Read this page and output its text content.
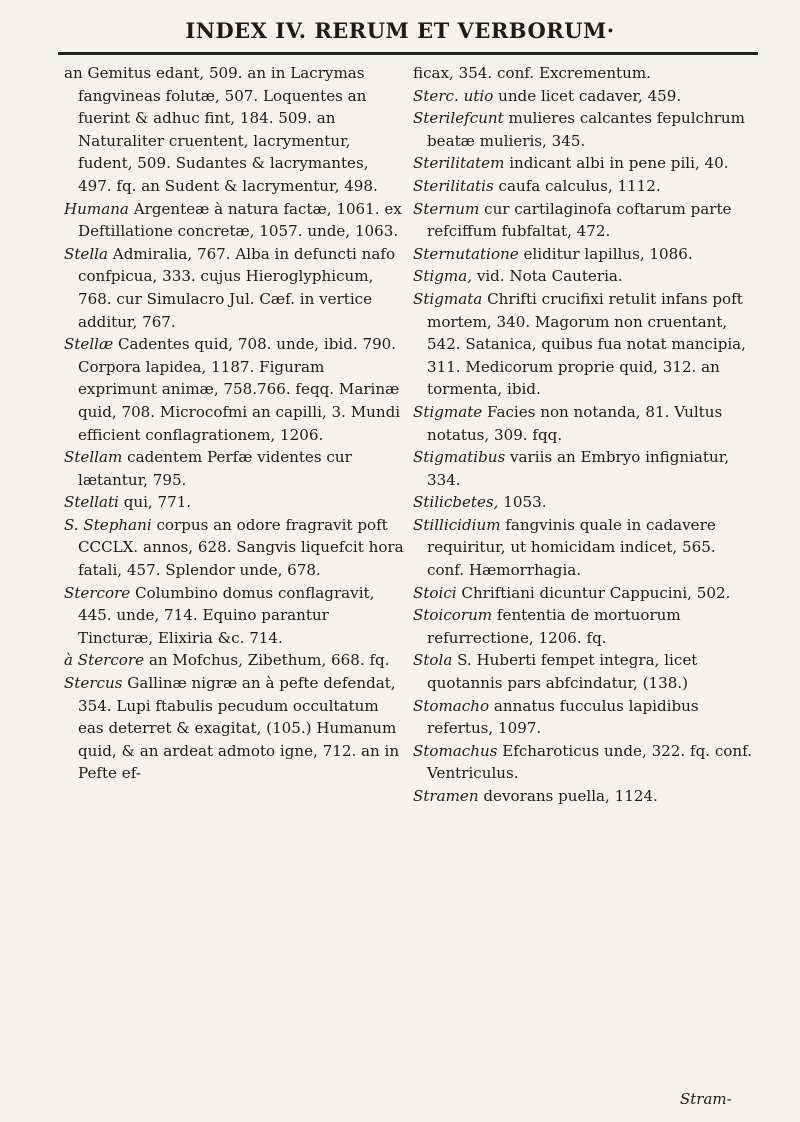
INDEX IV. RERUM ET VERBORUM·

an Gemitus edant, 509. an in Lacrymas fangvineas folutæ, 507. Loquentes an fuerint & adhuc fint, 184. 509. an Naturaliter cruentent, lacrymentur, fudent, 509. Sudantes & lacrymantes, 497. fq. an Sudent & lacrymentur, 498.

Humana Argenteæ à natura factæ, 1061. ex Deftillatione concretæ, 1057. unde, 1063.

Stella Admiralia, 767. Alba in defuncti nafo confpicua, 333. cujus Hieroglyphicum, 768. cur Simulacro Jul. Cæf. in vertice additur, 767.

Stellæ Cadentes quid, 708. unde, ibid. 790. Corpora lapidea, 1187. Figuram exprimunt animæ, 758.766. feqq. Marinæ quid, 708. Microcofmi an capilli, 3. Mundi efficient conflagrationem, 1206.

Stellam cadentem Perfæ videntes cur lætantur, 795.

Stellati qui, 771.

S. Stephani corpus an odore fragravit poft CCCLX. annos, 628. Sangvis liquefcit hora fatali, 457. Splendor unde, 678.

Stercore Columbino domus conflagravit, 445. unde, 714. Equino parantur Tincturæ, Elixiria &c. 714.

à Stercore an Mofchus, Zibethum, 668. fq.

Stercus Gallinæ nigræ an à pefte defendat, 354. Lupi ftabulis pecudum occultatum eas deterret & exagitat, (105.) Humanum quid, & an ardeat admoto igne, 712. an in Pefte ef-

ficax, 354. conf. Excrementum.

Sterc. utio unde licet cadaver, 459.

Sterilefcunt mulieres calcantes fepulchrum beatæ mulieris, 345.

Sterilitatem indicant albi in pene pili, 40.

Sterilitatis caufa calculus, 1112.

Sternum cur cartilaginofa coftarum parte refciffum fubfaltat, 472.

Sternutatione eliditur lapillus, 1086.

Stigma, vid. Nota Cauteria.

Stigmata Chrifti crucifixi retulit infans poft mortem, 340. Magorum non cruentant, 542. Satanica, quibus fua notat mancipia, 311. Medicorum proprie quid, 312. an tormenta, ibid.

Stigmate Facies non notanda, 81. Vultus notatus, 309. fqq.

Stigmatibus variis an Embryo infigniatur, 334.

Stilicbetes, 1053.

Stillicidium fangvinis quale in cadavere requiritur, ut homicidam indicet, 565. conf. Hæmorrhagia.

Stoici Chriftiani dicuntur Cappucini, 502.

Stoicorum fententia de mortuorum refurrectione, 1206. fq.

Stola S. Huberti fempet integra, licet quotannis pars abfcindatur, (138.)

Stomacho annatus fucculus lapidibus refertus, 1097.

Stomachus Efcharoticus unde, 322. fq. conf. Ventriculus.

Stramen devorans puella, 1124.

Stram-
